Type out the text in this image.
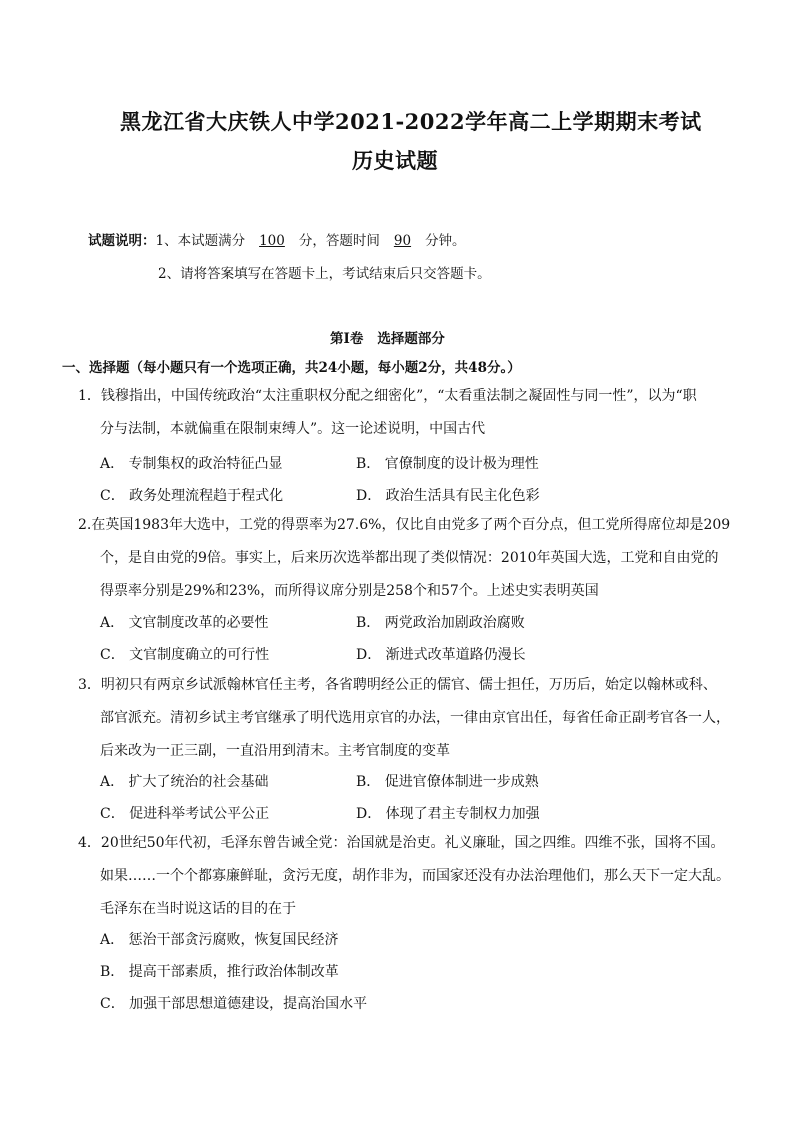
黑龙江省大庆铁人中学2021-2022学年高二上学期期末考试
历史试题
试题说明：1、本试题满分 100 分，答题时间 90 分钟。
2、请将答案填写在答题卡上，考试结束后只交答题卡。
第Ⅰ卷   选择题部分
一、选择题（每小题只有一个选项正确，共24小题，每小题2分，共48分。）
1．钱穆指出，中国传统政治“太注重职权分配之细密化”，“太看重法制之凝固性与同一性”，以为“职
分与法制，本就偏重在限制束缚人”。这一论述说明，中国古代
A． 专制集权的政治特征凸显	B． 官僚制度的设计极为理性
C． 政务处理流程趋于程式化	D． 政治生活具有民主化色彩
2.在英国1983年大选中，工党的得票率为27.6%，仅比自由党多了两个百分点，但工党所得席位却是209
个，是自由党的9倍。事实上，后来历次选举都出现了类似情况：2010年英国大选，工党和自由党的
得票率分别是29%和23%，而所得议席分别是258个和57个。上述史实表明英国
A． 文官制度改革的必要性	B． 两党政治加剧政治腐败
C． 文官制度确立的可行性	D． 渐进式改革道路仍漫长
3．明初只有两京乡试派翰林官任主考，各省聘明经公正的儒官、儒士担任，万历后，始定以翰林或科、
部官派充。清初乡试主考官继承了明代选用京官的办法，一律由京官出任，每省任命正副考官各一人，
后来改为一正三副，一直沿用到清末。主考官制度的变革
A． 扩大了统治的社会基础	B． 促进官僚体制进一步成熟
C． 促进科举考试公平公正	D． 体现了君主专制权力加强
4．20世纪50年代初，毛泽东曾告诫全党：治国就是治吏。礼义廉耻，国之四维。四维不张，国将不国。
如果……一个个都寡廉鲜耻，贪污无度，胡作非为，而国家还没有办法治理他们，那么天下一定大乱。
毛泽东在当时说这话的目的在于
A． 惩治干部贪污腐败，恢复国民经济
B． 提高干部素质，推行政治体制改革
C． 加强干部思想道德建设，提高治国水平
